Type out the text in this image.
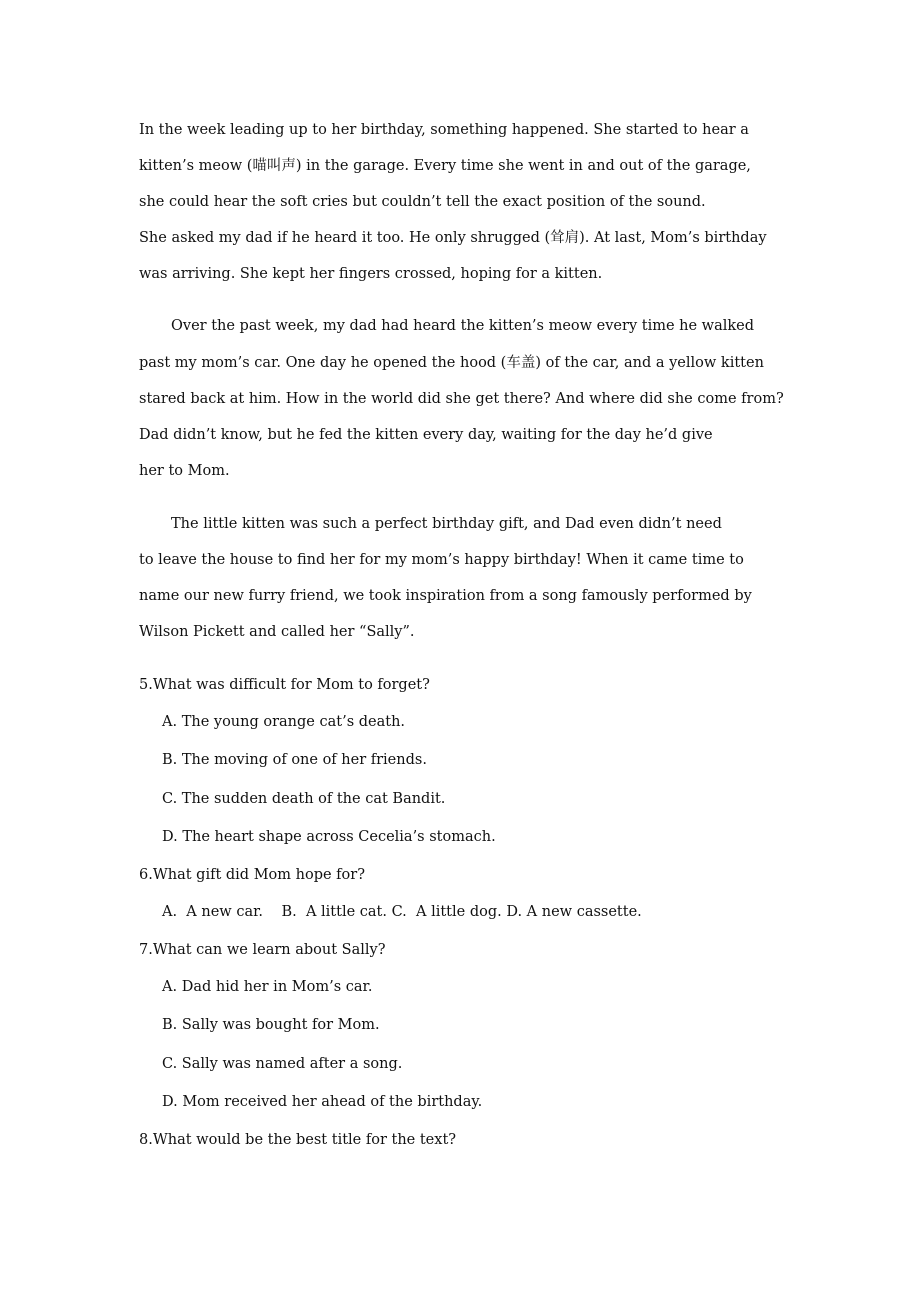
In the week leading up to her birthday, something happened. She started to hear a
kitten’s meow (喵叫声) in the garage. Every time she went in and out of the garage,
she could hear the soft cries but couldn’t tell the exact position of the sound.
She asked my dad if he heard it too. He only shrugged (耸肩). At last, Mom’s birthday
was arriving. She kept her fingers crossed, hoping for a kitten.
Over the past week, my dad had heard the kitten’s meow every time he walked
past my mom’s car. One day he opened the hood (车盖) of the car, and a yellow kitten
stared back at him. How in the world did she get there? And where did she come from?
Dad didn’t know, but he fed the kitten every day, waiting for the day he’d give
her to Mom.
The little kitten was such a perfect birthday gift, and Dad even didn’t need
to leave the house to find her for my mom’s happy birthday! When it came time to
name our new furry friend, we took inspiration from a song famously performed by
Wilson Pickett and called her “Sally”.
5.What was difficult for Mom to forget?
A. The young orange cat’s death.
B. The moving of one of her friends.
C. The sudden death of the cat Bandit.
D. The heart shape across Cecelia’s stomach.
6.What gift did Mom hope for?
A.  A new car.    B.  A little cat. C.  A little dog. D. A new cassette.
7.What can we learn about Sally?
A. Dad hid her in Mom’s car.
B. Sally was bought for Mom.
C. Sally was named after a song.
D. Mom received her ahead of the birthday.
8.What would be the best title for the text?
